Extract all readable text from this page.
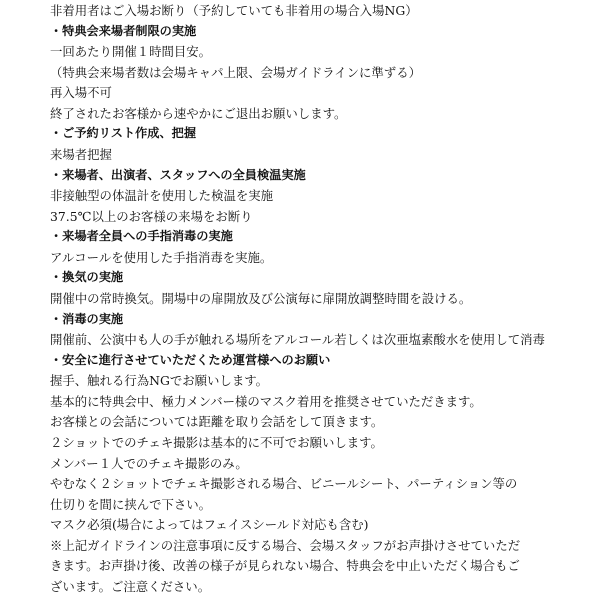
非着用者はご入場お断り（予約していても非着用の場合入場NG）
・特典会来場者制限の実施
一回あたり開催１時間目安。
（特典会来場者数は会場キャパ上限、会場ガイドラインに準ずる）
再入場不可
終了されたお客様から速やかにご退出お願いします。
・ご予約リスト作成、把握
来場者把握
・来場者、出演者、スタッフへの全員検温実施
非接触型の体温計を使用した検温を実施
37.5℃以上のお客様の来場をお断り
・来場者全員への手指消毒の実施
アルコールを使用した手指消毒を実施。
・換気の実施
開催中の常時換気。開場中の扉開放及び公演毎に扉開放調整時間を設ける。
・消毒の実施
開催前、公演中も人の手が触れる場所をアルコール若しくは次亜塩素酸水を使用して消毒
・安全に進行させていただくため運営様へのお願い
握手、触れる行為NGでお願いします。
基本的に特典会中、極力メンバー様のマスク着用を推奨させていただきます。
お客様との会話については距離を取り会話をして頂きます。
２ショットでのチェキ撮影は基本的に不可でお願いします。
メンバー１人でのチェキ撮影のみ。
やむなく２ショットでチェキ撮影される場合、ビニールシート、パーティション等の
仕切りを間に挟んで下さい。
マスク必須(場合によってはフェイスシールド対応も含む)
※上記ガイドラインの注意事項に反する場合、会場スタッフがお声掛けさせていただ
きます。お声掛け後、改善の様子が見られない場合、特典会を中止いただく場合もご
ざいます。ご注意ください。
